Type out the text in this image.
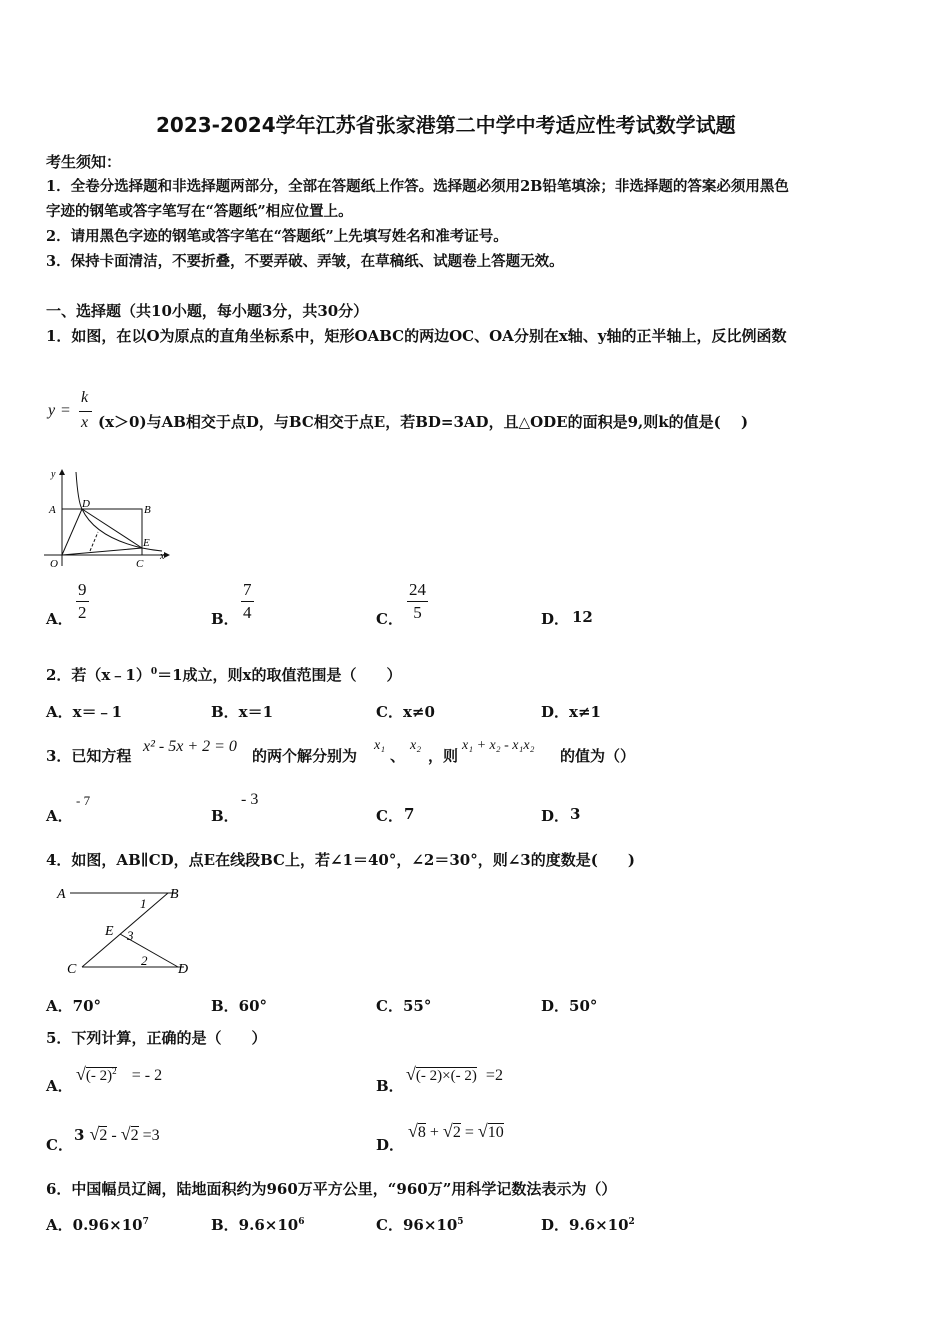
2023-2024学年江苏省张家港第二中学中考适应性考试数学试题
考生须知：
1．全卷分选择题和非选择题两部分，全部在答题纸上作答。选择题必须用2B铅笔填涂；非选择题的答案必须用黑色
字迹的钢笔或答字笔写在“答题纸”相应位置上。
2．请用黑色字迹的钢笔或答字笔在“答题纸”上先填写姓名和准考证号。
3．保持卡面清洁，不要折叠，不要弄破、弄皱，在草稿纸、试题卷上答题无效。
一、选择题（共10小题，每小题3分，共30分）
1．如图，在以O为原点的直角坐标系中，矩形OABC的两边OC、OA分别在x轴、y轴的正半轴上，反比例函数
y =
k
x (x＞0)与AB相交于点D，与BC相交于点E，若BD=3AD，且△ODE的面积是9,则k的值是(　 )
y
A D	B
E
O	C
x
A．
9
2	B．
7
4	C．
24
5	D． 12
2．若（x﹣1）$^0$＝1成立，则x的取值范围是（　　）
A．x＝﹣1	B．x＝1	C．x≠0	D．x≠1
3．已知方程
x² - 5x + 2 = 0
的两个解分别为
x₁
、
x₂
，则
x₁ + x₂ - x₁x₂
的值为（）
A．
- 7
B．
- 3
C． 7	D． 3
4．如图，AB∥CD，点E在线段BC上，若∠1＝40°，∠2＝30°，则∠3的度数是(　　)
A	B
1
E 3
C
2
D
A．70°	B．60°	C．55°	D．50°
5．下列计算，正确的是（　　）
A．
√(- 2)$^2$ = - 2
B．
√(- 2)×(- 2) =2
C．
3 √2 - √2 =3
D．
√8 + √2 = √10
6．中国幅员辽阔，陆地面积约为960万平方公里，“960万”用科学记数法表示为（）
A．$0.96\times 10^7$	B．$9.6\times 10^6$	C．$96\times 10^5$	D．$9.6\times 10^2$
